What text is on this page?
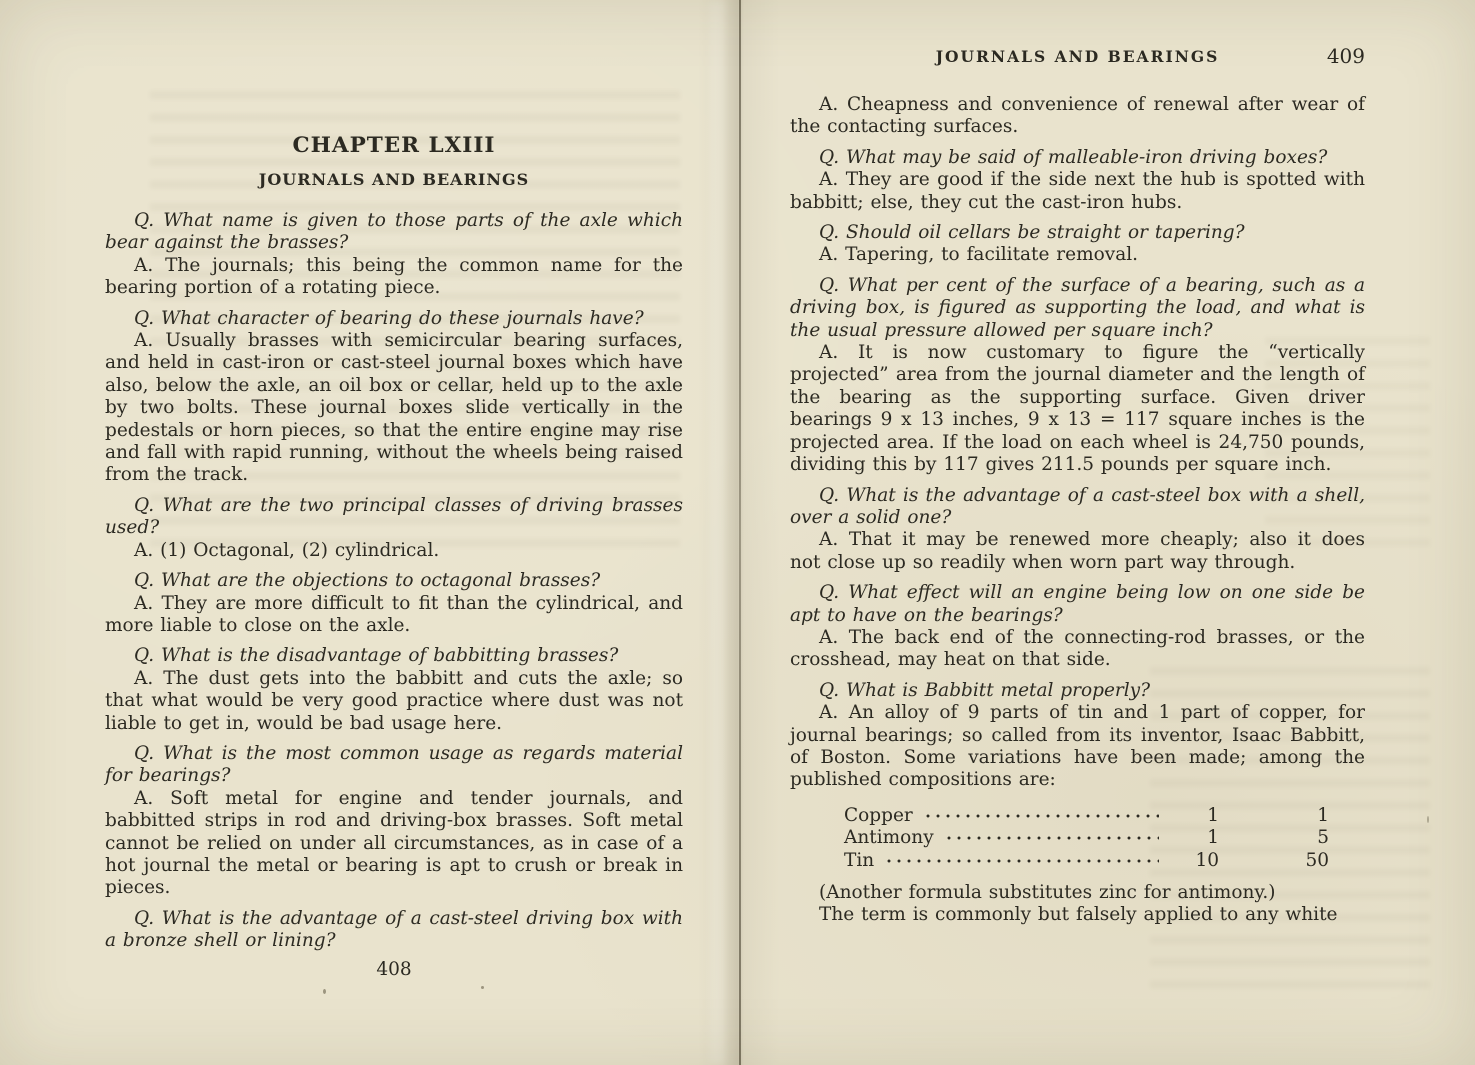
CHAPTER LXIII
JOURNALS AND BEARINGS

Q. What name is given to those parts of the axle which bear against the brasses?

A. The journals; this being the common name for the bearing portion of a rotating piece.

Q. What character of bearing do these journals have?

A. Usually brasses with semicircular bearing surfaces, and held in cast-iron or cast-steel journal boxes which have also, below the axle, an oil box or cellar, held up to the axle by two bolts. These journal boxes slide vertically in the pedestals or horn pieces, so that the entire engine may rise and fall with rapid running, without the wheels being raised from the track.

Q. What are the two principal classes of driving brasses used?

A. (1) Octagonal, (2) cylindrical.

Q. What are the objections to octagonal brasses?

A. They are more difficult to fit than the cylindrical, and more liable to close on the axle.

Q. What is the disadvantage of babbitting brasses?

A. The dust gets into the babbitt and cuts the axle; so that what would be very good practice where dust was not liable to get in, would be bad usage here.

Q. What is the most common usage as regards material for bearings?

A. Soft metal for engine and tender journals, and babbitted strips in rod and driving-box brasses. Soft metal cannot be relied on under all circumstances, as in case of a hot journal the metal or bearing is apt to crush or break in pieces.

Q. What is the advantage of a cast-steel driving box with a bronze shell or lining?

408
JOURNALS AND BEARINGS	409

A. Cheapness and convenience of renewal after wear of the contacting surfaces.

Q. What may be said of malleable-iron driving boxes?

A. They are good if the side next the hub is spotted with babbitt; else, they cut the cast-iron hubs.

Q. Should oil cellars be straight or tapering?

A. Tapering, to facilitate removal.

Q. What per cent of the surface of a bearing, such as a driving box, is figured as supporting the load, and what is the usual pressure allowed per square inch?

A. It is now customary to figure the “vertically projected” area from the journal diameter and the length of the bearing as the supporting surface. Given driver bearings 9 x 13 inches, 9 x 13 = 117 square inches is the projected area. If the load on each wheel is 24,750 pounds, dividing this by 117 gives 211.5 pounds per square inch.

Q. What is the advantage of a cast-steel box with a shell, over a solid one?

A. That it may be renewed more cheaply; also it does not close up so readily when worn part way through.

Q. What effect will an engine being low on one side be apt to have on the bearings?

A. The back end of the connecting-rod brasses, or the crosshead, may heat on that side.

Q. What is Babbitt metal properly?

A. An alloy of 9 parts of tin and 1 part of copper, for journal bearings; so called from its inventor, Isaac Babbitt, of Boston. Some variations have been made; among the published compositions are:

Copper	1	1
Antimony	1	5
Tin	10	50

(Another formula substitutes zinc for antimony.)

The term is commonly but falsely applied to any white
